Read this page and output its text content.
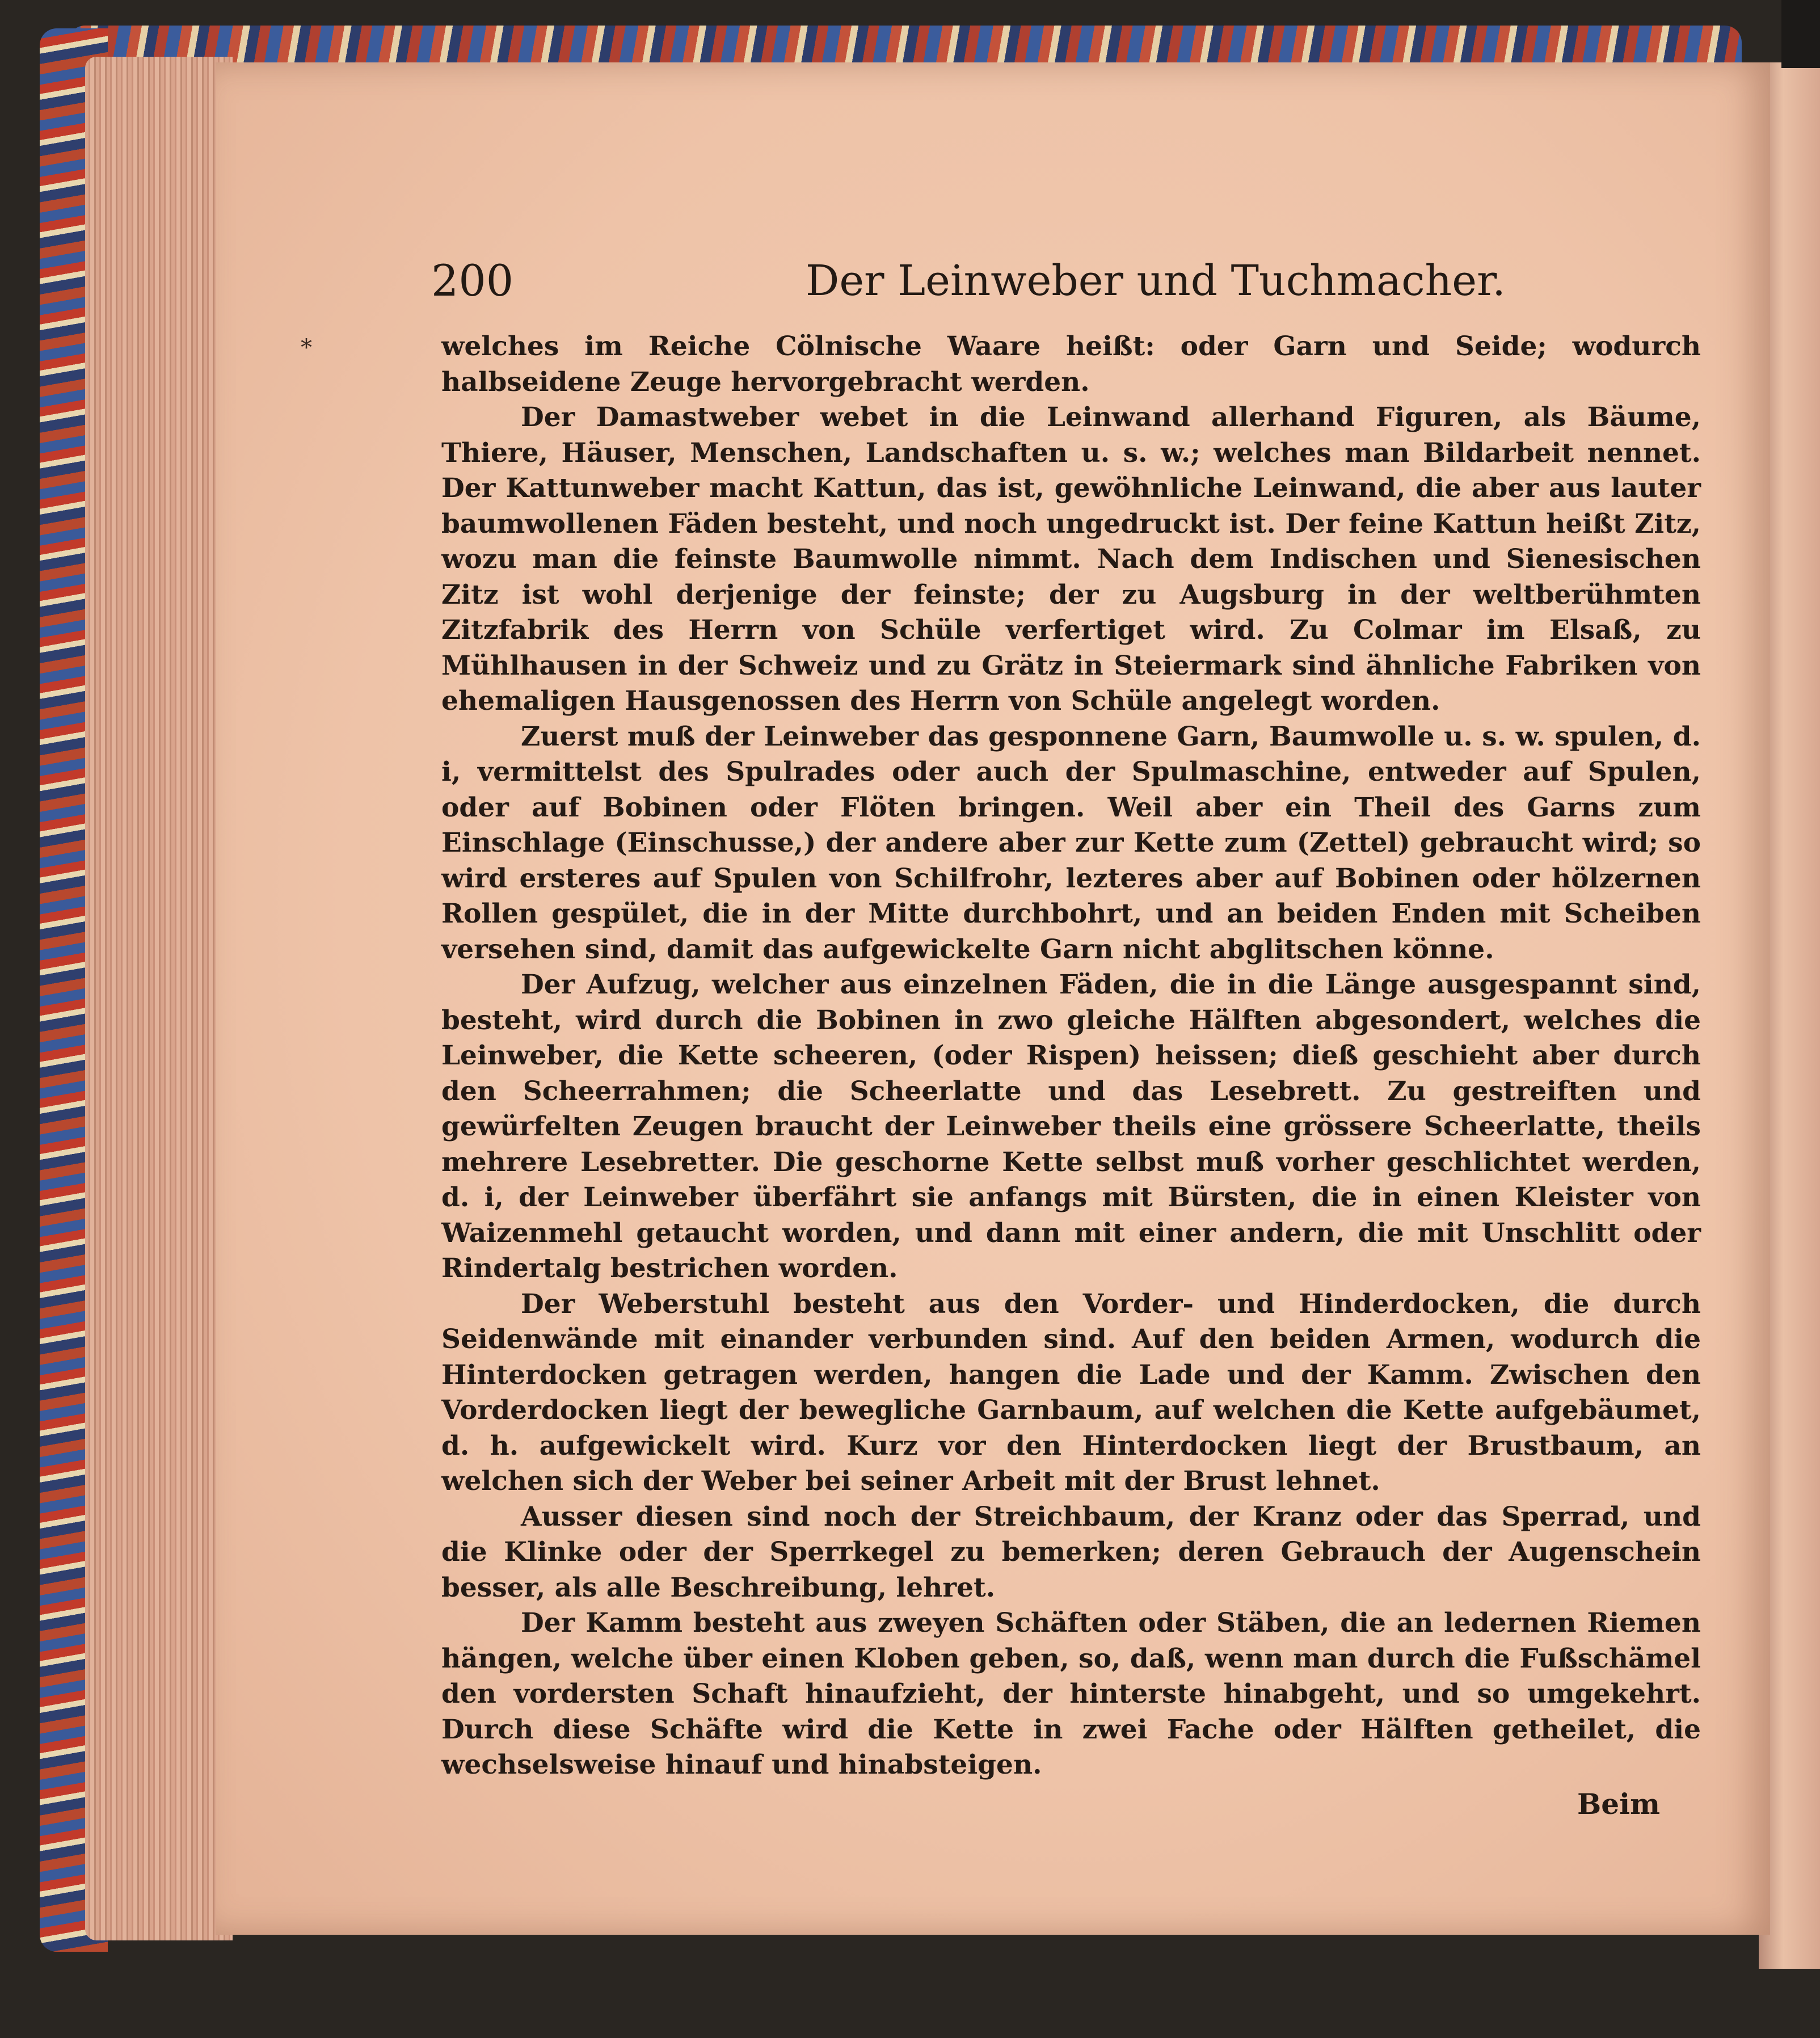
200	Der Leinweber und Tuchmacher.
*	welches im Reiche Cölnische Waare heißt: oder Garn und Seide; wodurch halbseidene Zeuge hervorgebracht werden.

Der Damastweber webet in die Leinwand allerhand Figuren, als Bäume, Thiere, Häuser, Menschen, Landschaften u. s. w.; welches man Bildarbeit nennet. Der Kattunweber macht Kattun, das ist, gewöhnliche Leinwand, die aber aus lauter baumwollenen Fäden besteht, und noch ungedruckt ist. Der feine Kattun heißt Zitz, wozu man die feinste Baumwolle nimmt. Nach dem Indischen und Sienesischen Zitz ist wohl derjenige der feinste; der zu Augsburg in der weltberühmten Zitzfabrik des Herrn von Schüle verfertiget wird. Zu Colmar im Elsaß, zu Mühlhausen in der Schweiz und zu Grätz in Steiermark sind ähnliche Fabriken von ehemaligen Hausgenossen des Herrn von Schüle angelegt worden.

Zuerst muß der Leinweber das gesponnene Garn, Baumwolle u. s. w. spulen, d. i, vermittelst des Spulrades oder auch der Spulmaschine, entweder auf Spulen, oder auf Bobinen oder Flöten bringen. Weil aber ein Theil des Garns zum Einschlage (Einschusse,) der andere aber zur Kette zum (Zettel) gebraucht wird; so wird ersteres auf Spulen von Schilfrohr, lezteres aber auf Bobinen oder hölzernen Rollen gespület, die in der Mitte durchbohrt, und an beiden Enden mit Scheiben versehen sind, damit das aufgewickelte Garn nicht abglitschen könne.

Der Aufzug, welcher aus einzelnen Fäden, die in die Länge ausgespannt sind, besteht, wird durch die Bobinen in zwo gleiche Hälften abgesondert, welches die Leinweber, die Kette scheeren, (oder Rispen) heissen; dieß geschieht aber durch den Scheerrahmen; die Scheerlatte und das Lesebrett. Zu gestreiften und gewürfelten Zeugen braucht der Leinweber theils eine grössere Scheerlatte, theils mehrere Lesebretter. Die geschorne Kette selbst muß vorher geschlichtet werden, d. i, der Leinweber überfährt sie anfangs mit Bürsten, die in einen Kleister von Waizenmehl getaucht worden, und dann mit einer andern, die mit Unschlitt oder Rindertalg bestrichen worden.

Der Weberstuhl besteht aus den Vorder- und Hinderdocken, die durch Seidenwände mit einander verbunden sind. Auf den beiden Armen, wodurch die Hinterdocken getragen werden, hangen die Lade und der Kamm. Zwischen den Vorderdocken liegt der bewegliche Garnbaum, auf welchen die Kette aufgebäumet, d. h. aufgewickelt wird. Kurz vor den Hinterdocken liegt der Brustbaum, an welchen sich der Weber bei seiner Arbeit mit der Brust lehnet.

Ausser diesen sind noch der Streichbaum, der Kranz oder das Sperrad, und die Klinke oder der Sperrkegel zu bemerken; deren Gebrauch der Augenschein besser, als alle Beschreibung, lehret.

Der Kamm besteht aus zweyen Schäften oder Stäben, die an ledernen Riemen hängen, welche über einen Kloben geben, so, daß, wenn man durch die Fußschämel den vordersten Schaft hinaufzieht, der hinterste hinabgeht, und so umgekehrt. Durch diese Schäfte wird die Kette in zwei Fache oder Hälften getheilet, die wechselsweise hinauf und hinabsteigen.

Beim
